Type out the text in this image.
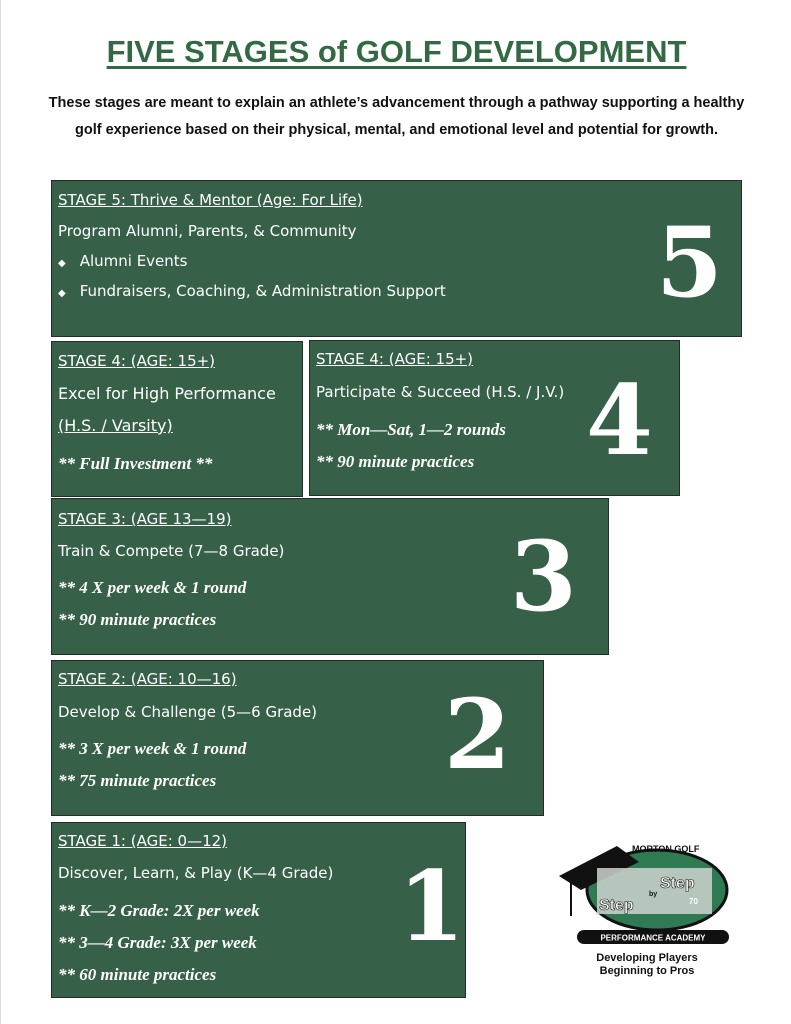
FIVE STAGES of GOLF DEVELOPMENT
These stages are meant to explain an athlete’s advancement through a pathway supporting a healthy golf experience based on their physical, mental, and emotional level and potential for growth.
STAGE 5: Thrive & Mentor (Age: For Life)
Program Alumni, Parents, & Community
◆ Alumni Events
◆ Fundraisers, Coaching, & Administration Support 5
STAGE 4: (AGE: 15+)
Excel for High Performance
(H.S. / Varsity)
** Full Investment **
STAGE 4: (AGE: 15+)
Participate & Succeed (H.S. / J.V.)
** Mon—Sat, 1—2 rounds
** 90 minute practices 4
STAGE 3: (AGE 13—19)
Train & Compete (7—8 Grade)
** 4 X per week & 1 round
** 90 minute practices	3
STAGE 2: (AGE: 10—16)
Develop & Challenge (5—6 Grade)
** 3 X per week & 1 round
** 75 minute practices 2
STAGE 1: (AGE: 0—12)
Discover, Learn, & Play (K—4 Grade)
** K—2 Grade: 2X per week
** 3—4 Grade: 3X per week
** 60 minute practices
1
MORTON GOLF
Step
by
Step	70
PERFORMANCE ACADEMY
Developing Players
Beginning to Pros
